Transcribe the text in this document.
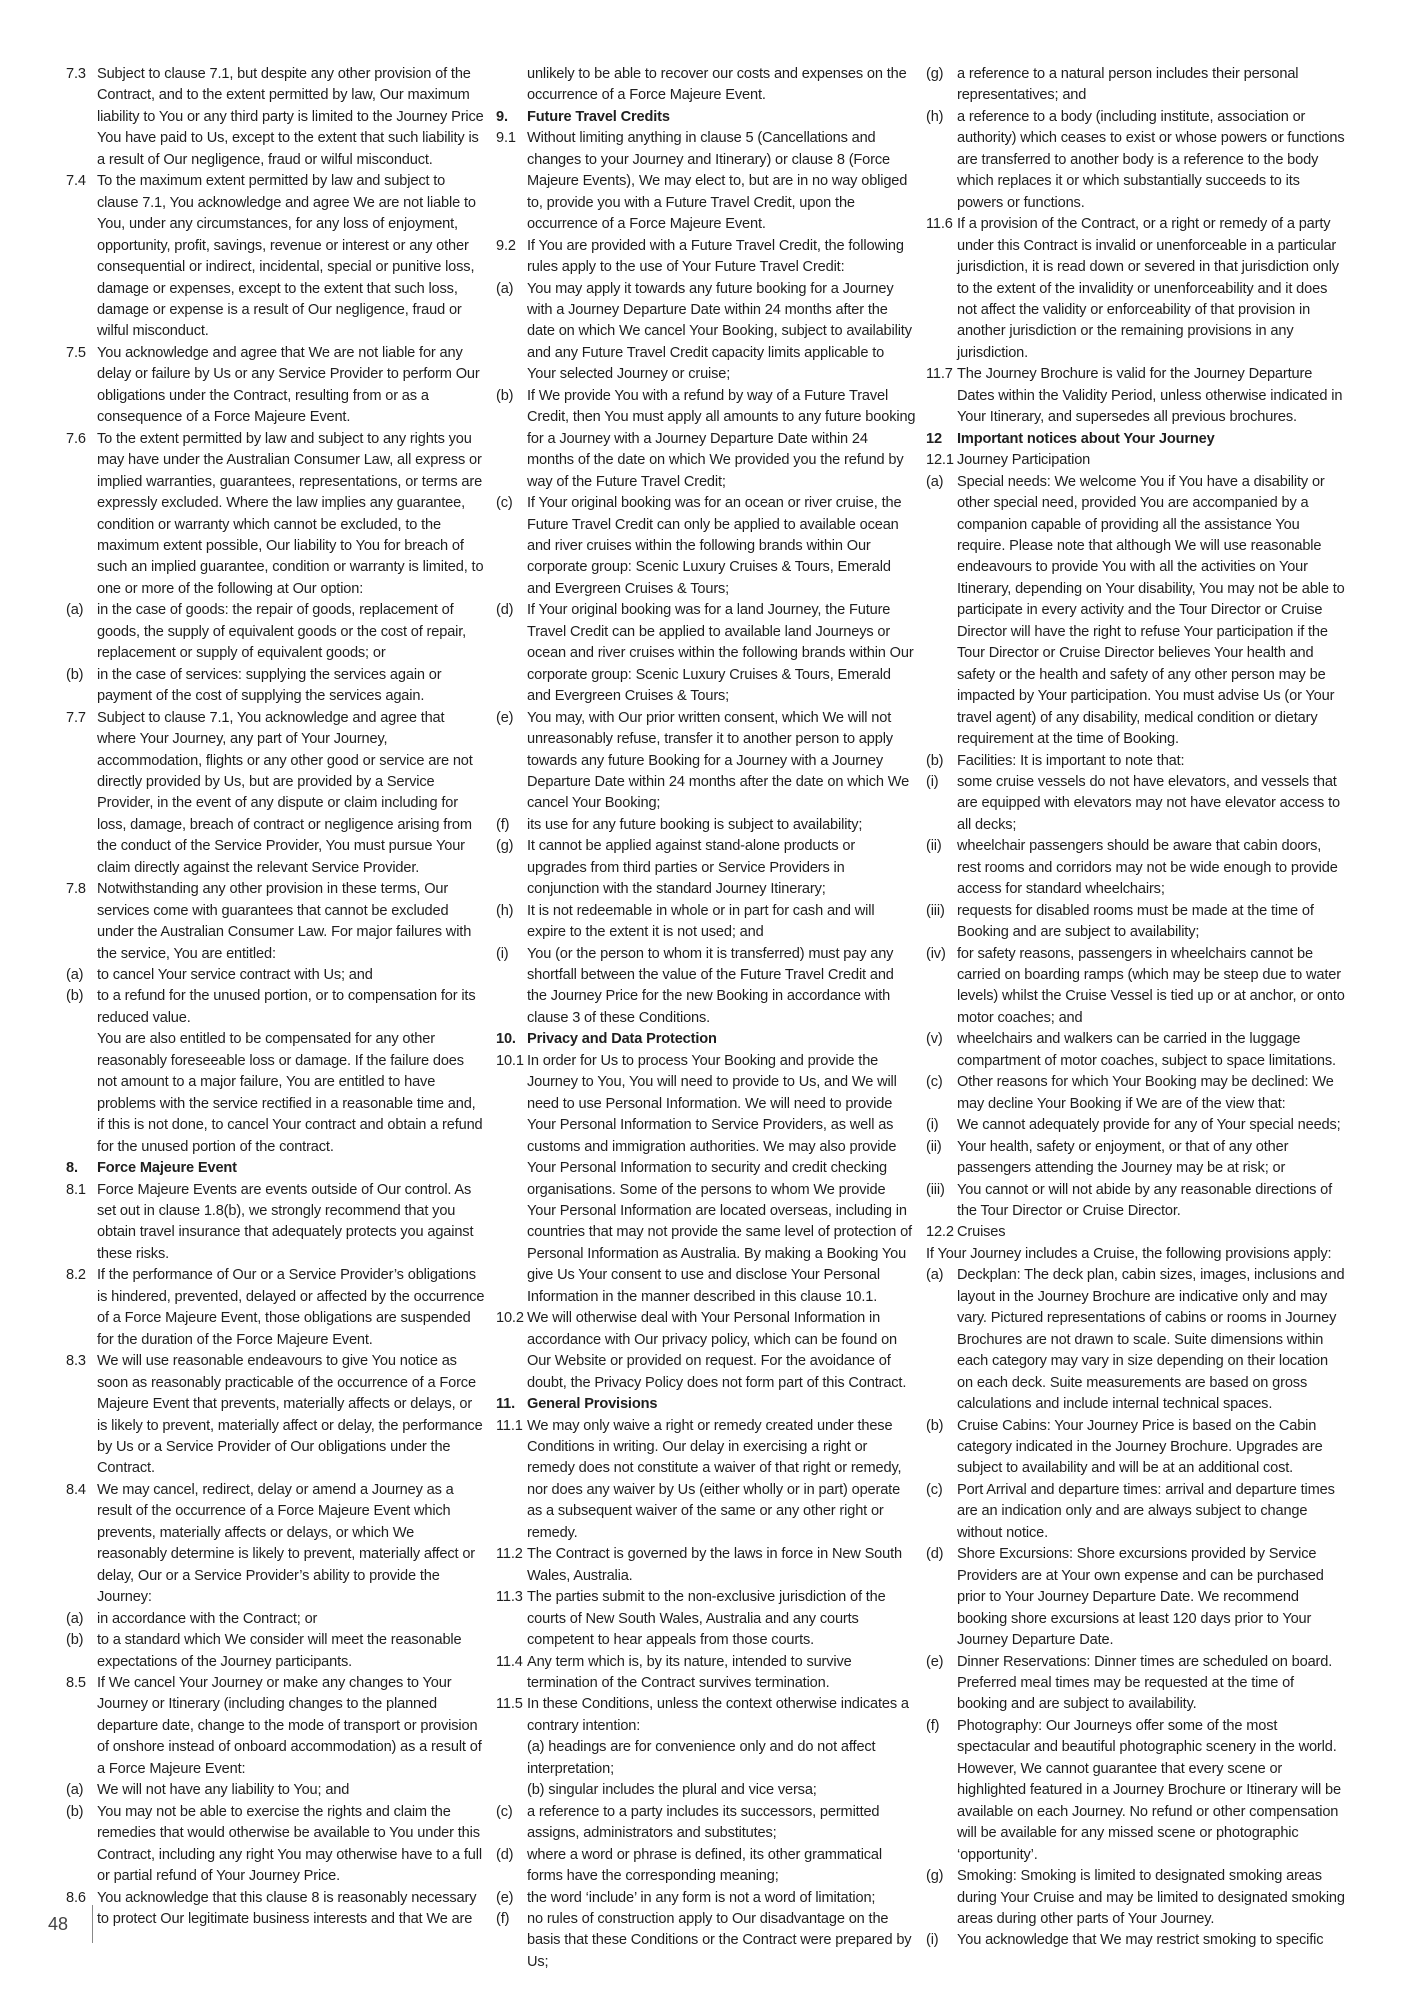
7.3 Subject to clause 7.1, but despite any other provision of the Contract, and to the extent permitted by law, Our maximum liability to You or any third party is limited to the Journey Price You have paid to Us, except to the extent that such liability is a result of Our negligence, fraud or wilful misconduct.
7.4 To the maximum extent permitted by law and subject to clause 7.1, You acknowledge and agree We are not liable to You, under any circumstances, for any loss of enjoyment, opportunity, profit, savings, revenue or interest or any other consequential or indirect, incidental, special or punitive loss, damage or expenses, except to the extent that such loss, damage or expense is a result of Our negligence, fraud or wilful misconduct.
7.5 You acknowledge and agree that We are not liable for any delay or failure by Us or any Service Provider to perform Our obligations under the Contract, resulting from or as a consequence of a Force Majeure Event.
7.6 To the extent permitted by law and subject to any rights you may have under the Australian Consumer Law, all express or implied warranties, guarantees, representations, or terms are expressly excluded. Where the law implies any guarantee, condition or warranty which cannot be excluded, to the maximum extent possible, Our liability to You for breach of such an implied guarantee, condition or warranty is limited, to one or more of the following at Our option:
(a) in the case of goods: the repair of goods, replacement of goods, the supply of equivalent goods or the cost of repair, replacement or supply of equivalent goods; or
(b) in the case of services: supplying the services again or payment of the cost of supplying the services again.
7.7 Subject to clause 7.1, You acknowledge and agree that where Your Journey, any part of Your Journey, accommodation, flights or any other good or service are not directly provided by Us, but are provided by a Service Provider, in the event of any dispute or claim including for loss, damage, breach of contract or negligence arising from the conduct of the Service Provider, You must pursue Your claim directly against the relevant Service Provider.
7.8 Notwithstanding any other provision in these terms, Our services come with guarantees that cannot be excluded under the Australian Consumer Law. For major failures with the service, You are entitled:
(a) to cancel Your service contract with Us; and
(b) to a refund for the unused portion, or to compensation for its reduced value.
You are also entitled to be compensated for any other reasonably foreseeable loss or damage. If the failure does not amount to a major failure, You are entitled to have problems with the service rectified in a reasonable time and, if this is not done, to cancel Your contract and obtain a refund for the unused portion of the contract.
8.	Force Majeure Event
8.1 Force Majeure Events are events outside of Our control. As set out in clause 1.8(b), we strongly recommend that you obtain travel insurance that adequately protects you against these risks.
8.2 If the performance of Our or a Service Provider’s obligations is hindered, prevented, delayed or affected by the occurrence of a Force Majeure Event, those obligations are suspended for the duration of the Force Majeure Event.
8.3 We will use reasonable endeavours to give You notice as soon as reasonably practicable of the occurrence of a Force Majeure Event that prevents, materially affects or delays, or is likely to prevent, materially affect or delay, the performance by Us or a Service Provider of Our obligations under the Contract.
8.4 We may cancel, redirect, delay or amend a Journey as a result of the occurrence of a Force Majeure Event which prevents, materially affects or delays, or which We reasonably determine is likely to prevent, materially affect or delay, Our or a Service Provider’s ability to provide the Journey:
(a) in accordance with the Contract; or
(b) to a standard which We consider will meet the reasonable expectations of the Journey participants.
8.5 If We cancel Your Journey or make any changes to Your Journey or Itinerary (including changes to the planned departure date, change to the mode of transport or provision of onshore instead of onboard accommodation) as a result of a Force Majeure Event:
(a) We will not have any liability to You; and
(b) You may not be able to exercise the rights and claim the remedies that would otherwise be available to You under this Contract, including any right You may otherwise have to a full or partial refund of Your Journey Price.
8.6 You acknowledge that this clause 8 is reasonably necessary to protect Our legitimate business interests and that We are
unlikely to be able to recover our costs and expenses on the occurrence of a Force Majeure Event.
9.	Future Travel Credits
9.1 Without limiting anything in clause 5 (Cancellations and changes to your Journey and Itinerary) or clause 8 (Force Majeure Events), We may elect to, but are in no way obliged to, provide you with a Future Travel Credit, upon the occurrence of a Force Majeure Event.
9.2 If You are provided with a Future Travel Credit, the following rules apply to the use of Your Future Travel Credit:
(a) You may apply it towards any future booking for a Journey with a Journey Departure Date within 24 months after the date on which We cancel Your Booking, subject to availability and any Future Travel Credit capacity limits applicable to Your selected Journey or cruise;
(b) If We provide You with a refund by way of a Future Travel Credit, then You must apply all amounts to any future booking for a Journey with a Journey Departure Date within 24 months of the date on which We provided you the refund by way of the Future Travel Credit;
(c) If Your original booking was for an ocean or river cruise, the Future Travel Credit can only be applied to available ocean and river cruises within the following brands within Our corporate group: Scenic Luxury Cruises & Tours, Emerald and Evergreen Cruises & Tours;
(d) If Your original booking was for a land Journey, the Future Travel Credit can be applied to available land Journeys or ocean and river cruises within the following brands within Our corporate group: Scenic Luxury Cruises & Tours, Emerald and Evergreen Cruises & Tours;
(e) You may, with Our prior written consent, which We will not unreasonably refuse, transfer it to another person to apply towards any future Booking for a Journey with a Journey Departure Date within 24 months after the date on which We cancel Your Booking;
(f)	its use for any future booking is subject to availability;
(g) It cannot be applied against stand-alone products or upgrades from third parties or Service Providers in conjunction with the standard Journey Itinerary;
(h) It is not redeemable in whole or in part for cash and will expire to the extent it is not used; and
(i)	You (or the person to whom it is transferred) must pay any shortfall between the value of the Future Travel Credit and the Journey Price for the new Booking in accordance with clause 3 of these Conditions.
10. Privacy and Data Protection
10.1 In order for Us to process Your Booking and provide the Journey to You, You will need to provide to Us, and We will need to use Personal Information. We will need to provide Your Personal Information to Service Providers, as well as customs and immigration authorities. We may also provide Your Personal Information to security and credit checking organisations. Some of the persons to whom We provide Your Personal Information are located overseas, including in countries that may not provide the same level of protection of Personal Information as Australia. By making a Booking You give Us Your consent to use and disclose Your Personal Information in the manner described in this clause 10.1.
10.2 We will otherwise deal with Your Personal Information in accordance with Our privacy policy, which can be found on Our Website or provided on request. For the avoidance of doubt, the Privacy Policy does not form part of this Contract.
11. General Provisions
11.1 We may only waive a right or remedy created under these Conditions in writing. Our delay in exercising a right or remedy does not constitute a waiver of that right or remedy, nor does any waiver by Us (either wholly or in part) operate as a subsequent waiver of the same or any other right or remedy.
11.2 The Contract is governed by the laws in force in New South Wales, Australia.
11.3 The parties submit to the non-exclusive jurisdiction of the courts of New South Wales, Australia and any courts competent to hear appeals from those courts.
11.4 Any term which is, by its nature, intended to survive termination of the Contract survives termination.
11.5 In these Conditions, unless the context otherwise indicates a contrary intention:
(a) headings are for convenience only and do not affect interpretation;
(b) singular includes the plural and vice versa;
(c) a reference to a party includes its successors, permitted assigns, administrators and substitutes;
(d) where a word or phrase is defined, its other grammatical forms have the corresponding meaning;
(e) the word ‘include’ in any form is not a word of limitation;
(f)	no rules of construction apply to Our disadvantage on the basis that these Conditions or the Contract were prepared by Us;
(g) a reference to a natural person includes their personal representatives; and
(h) a reference to a body (including institute, association or authority) which ceases to exist or whose powers or functions are transferred to another body is a reference to the body which replaces it or which substantially succeeds to its powers or functions.
11.6 If a provision of the Contract, or a right or remedy of a party under this Contract is invalid or unenforceable in a particular jurisdiction, it is read down or severed in that jurisdiction only to the extent of the invalidity or unenforceability and it does not affect the validity or enforceability of that provision in another jurisdiction or the remaining provisions in any jurisdiction.
11.7 The Journey Brochure is valid for the Journey Departure Dates within the Validity Period, unless otherwise indicated in Your Itinerary, and supersedes all previous brochures.
12	Important notices about Your Journey
12.1 Journey Participation
(a) Special needs: We welcome You if You have a disability or other special need, provided You are accompanied by a companion capable of providing all the assistance You require. Please note that although We will use reasonable endeavours to provide You with all the activities on Your Itinerary, depending on Your disability, You may not be able to participate in every activity and the Tour Director or Cruise Director will have the right to refuse Your participation if the Tour Director or Cruise Director believes Your health and safety or the health and safety of any other person may be impacted by Your participation. You must advise Us (or Your travel agent) of any disability, medical condition or dietary requirement at the time of Booking.
(b) Facilities: It is important to note that:
(i)	some cruise vessels do not have elevators, and vessels that are equipped with elevators may not have elevator access to all decks;
(ii)	wheelchair passengers should be aware that cabin doors, rest rooms and corridors may not be wide enough to provide access for standard wheelchairs;
(iii) requests for disabled rooms must be made at the time of Booking and are subject to availability;
(iv) for safety reasons, passengers in wheelchairs cannot be carried on boarding ramps (which may be steep due to water levels) whilst the Cruise Vessel is tied up or at anchor, or onto motor coaches; and
(v) wheelchairs and walkers can be carried in the luggage compartment of motor coaches, subject to space limitations.
(c) Other reasons for which Your Booking may be declined: We may decline Your Booking if We are of the view that:
(i)	We cannot adequately provide for any of Your special needs;
(ii)	Your health, safety or enjoyment, or that of any other passengers attending the Journey may be at risk; or
(iii) You cannot or will not abide by any reasonable directions of the Tour Director or Cruise Director.
12.2 Cruises
If Your Journey includes a Cruise, the following provisions apply:
(a) Deckplan: The deck plan, cabin sizes, images, inclusions and layout in the Journey Brochure are indicative only and may vary. Pictured representations of cabins or rooms in Journey Brochures are not drawn to scale. Suite dimensions within each category may vary in size depending on their location on each deck. Suite measurements are based on gross calculations and include internal technical spaces.
(b) Cruise Cabins: Your Journey Price is based on the Cabin category indicated in the Journey Brochure. Upgrades are subject to availability and will be at an additional cost.
(c) Port Arrival and departure times: arrival and departure times are an indication only and are always subject to change without notice.
(d) Shore Excursions: Shore excursions provided by Service Providers are at Your own expense and can be purchased prior to Your Journey Departure Date. We recommend booking shore excursions at least 120 days prior to Your Journey Departure Date.
(e) Dinner Reservations: Dinner times are scheduled on board. Preferred meal times may be requested at the time of booking and are subject to availability.
(f)	Photography: Our Journeys offer some of the most spectacular and beautiful photographic scenery in the world. However, We cannot guarantee that every scene or highlighted featured in a Journey Brochure or Itinerary will be available on each Journey. No refund or other compensation will be available for any missed scene or photographic ‘opportunity’.
(g) Smoking: Smoking is limited to designated smoking areas during Your Cruise and may be limited to designated smoking areas during other parts of Your Journey.
(i)	You acknowledge that We may restrict smoking to specific
48
